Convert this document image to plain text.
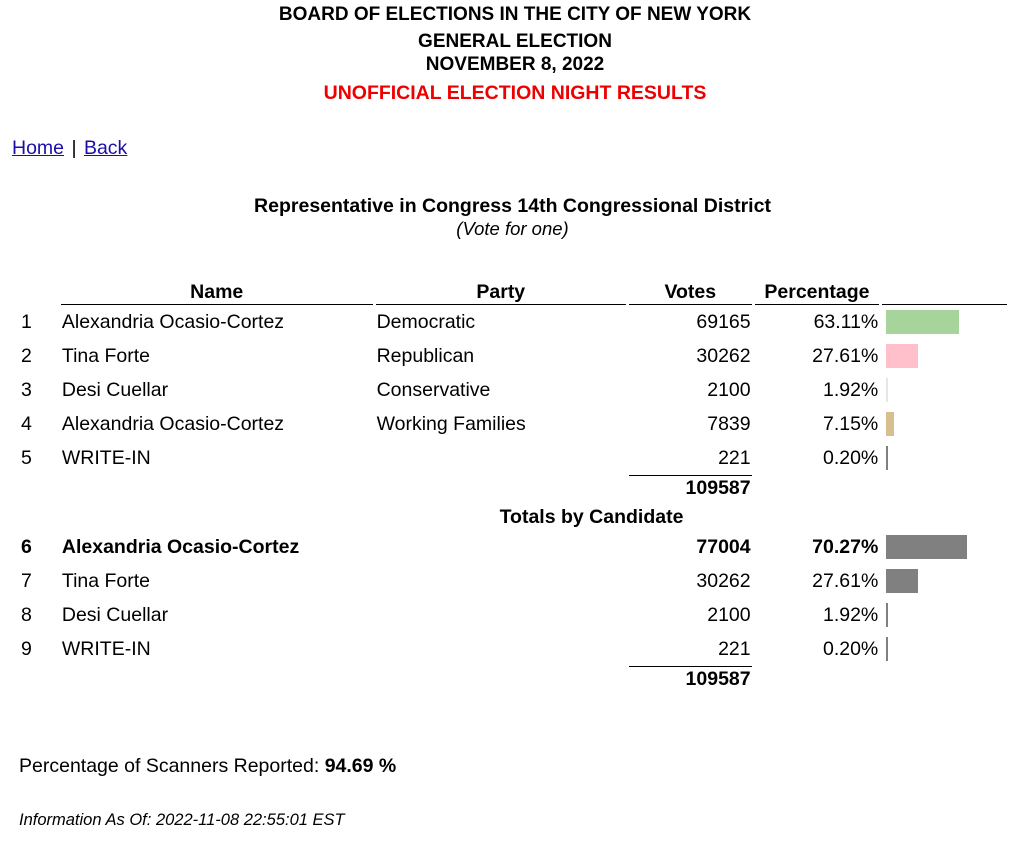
BOARD OF ELECTIONS IN THE CITY OF NEW YORK
GENERAL ELECTION
NOVEMBER 8, 2022
UNOFFICIAL ELECTION NIGHT RESULTS
Home | Back
Representative in Congress 14th Congressional District
(Vote for one)
	Name	Party	Votes	Percentage	
1	Alexandria Ocasio-Cortez	Democratic	69165	63.11%	
2	Tina Forte	Republican	30262	27.61%	
3	Desi Cuellar	Conservative	2100	1.92%	
4	Alexandria Ocasio-Cortez	Working Families	7839	7.15%	
5	WRITE-IN		221	0.20%	
			109587		
Totals by Candidate					
6	Alexandria Ocasio-Cortez		77004	70.27%	
7	Tina Forte		30262	27.61%	
8	Desi Cuellar		2100	1.92%	
9	WRITE-IN		221	0.20%	
			109587		
Percentage of Scanners Reported: 94.69 %
Information As Of: 2022-11-08 22:55:01 EST
